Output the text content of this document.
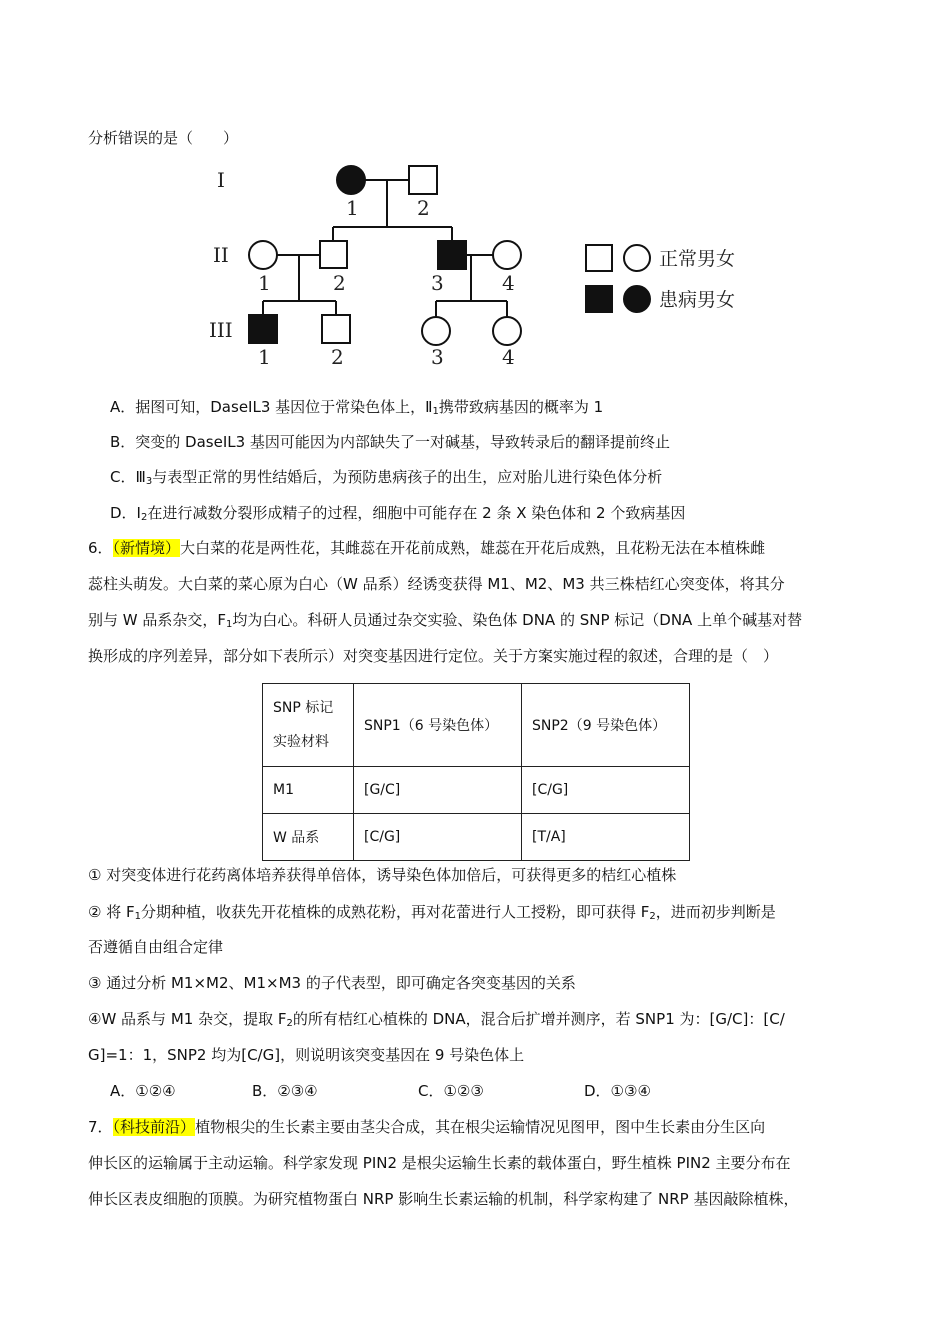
分析错误的是（　　）
I
II
III
1	2
1	2	3	4
1	2	3	4
正常男女
患病男女
A．据图可知，DaseIL3 基因位于常染色体上，$Ⅱ_1$携带致病基因的概率为 1
B．突变的 DaseIL3 基因可能因为内部缺失了一对碱基，导致转录后的翻译提前终止
C．$Ⅲ_3$与表型正常的男性结婚后，为预防患病孩子的出生，应对胎儿进行染色体分析
D．$I_2$在进行减数分裂形成精子的过程，细胞中可能存在 2 条 X 染色体和 2 个致病基因
6．（新情境）大白菜的花是两性花，其雌蕊在开花前成熟，雄蕊在开花后成熟，且花粉无法在本植株雌
蕊柱头萌发。大白菜的菜心原为白心（W 品系）经诱变获得 M1、M2、M3 共三株桔红心突变体，将其分
别与 W 品系杂交，$F_1$均为白心。科研人员通过杂交实验、染色体 DNA 的 SNP 标记（DNA 上单个碱基对替
换形成的序列差异，部分如下表所示）对突变基因进行定位。关于方案实施过程的叙述，合理的是（　）
SNP 标记
实验材料	SNP1（6 号染色体）	SNP2（9 号染色体）
M1	[G/C]	[C/G]
W 品系	[C/G]	[T/A]
① 对突变体进行花药离体培养获得单倍体，诱导染色体加倍后，可获得更多的桔红心植株
② 将 $F_1$分期种植，收获先开花植株的成熟花粉，再对花蕾进行人工授粉，即可获得 $F_2$，进而初步判断是
否遵循自由组合定律
③ 通过分析 M1×M2、M1×M3 的子代表型，即可确定各突变基因的关系
④W 品系与 M1 杂交，提取 $F_2$的所有桔红心植株的 DNA，混合后扩增并测序，若 SNP1 为：[G/C]：[C/
G]=1：1，SNP2 均为[C/G]，则说明该突变基因在 9 号染色体上
A．①②④	B．②③④	C．①②③	D．①③④
7．（科技前沿）植物根尖的生长素主要由茎尖合成，其在根尖运输情况见图甲，图中生长素由分生区向
伸长区的运输属于主动运输。科学家发现 PIN2 是根尖运输生长素的载体蛋白，野生植株 PIN2 主要分布在
伸长区表皮细胞的顶膜。为研究植物蛋白 NRP 影响生长素运输的机制，科学家构建了 NRP 基因敲除植株，
